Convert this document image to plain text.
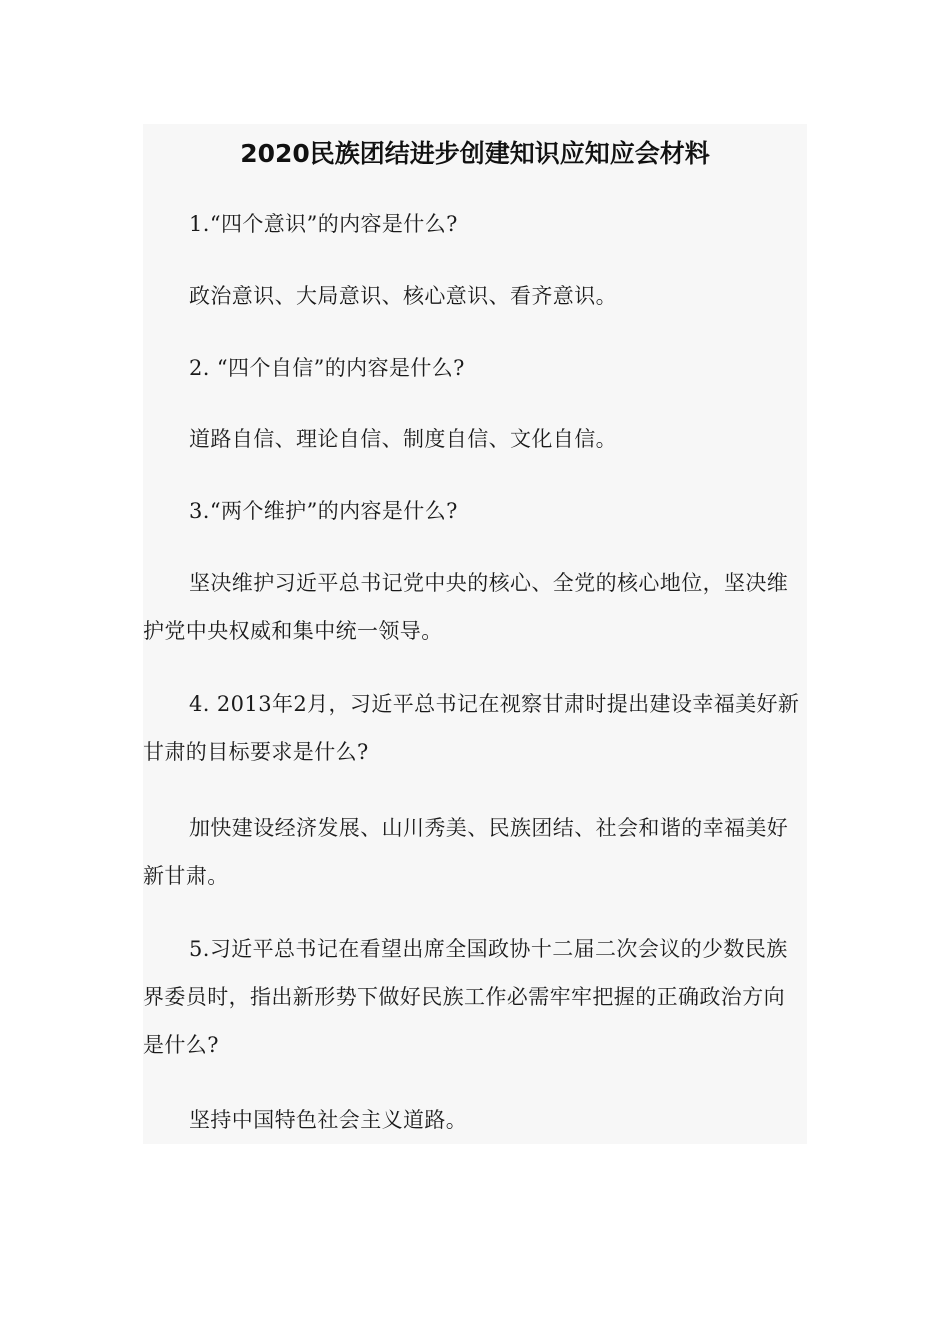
2020民族团结进步创建知识应知应会材料

1.“四个意识”的内容是什么?

政治意识、大局意识、核心意识、看齐意识。

2. “四个自信”的内容是什么?

道路自信、理论自信、制度自信、文化自信。

3.“两个维护”的内容是什么?

坚决维护习近平总书记党中央的核心、全党的核心地位，坚决维护党中央权威和集中统一领导。

4. 2013年2月，习近平总书记在视察甘肃时提出建设幸福美好新甘肃的目标要求是什么?

加快建设经济发展、山川秀美、民族团结、社会和谐的幸福美好新甘肃。

5.习近平总书记在看望出席全国政协十二届二次会议的少数民族界委员时，指出新形势下做好民族工作必需牢牢把握的正确政治方向是什么?

坚持中国特色社会主义道路。
